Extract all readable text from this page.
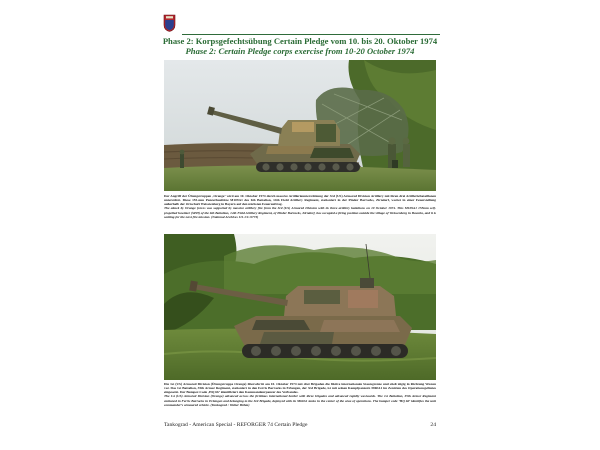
Phase 2: Korpsgefechtsübung Certain Pledge vom 10. bis 20. Oktober 1974
Phase 2: Certain Pledge corps exercise from 10-20 October 1974

Der Angriff der Übungstruppen ‚Orange‘ wird am 10. Oktober 1974 durch massive Artillerieunterstützung der 3rd (US) Armored Division Artillery mit ihren drei Artilleriebataillonen unterstützt. Diese 155-mm Panzerhaubitze M109A1 des 6th Battalion, 14th Field Artillery Regiment, stationiert in der Pinder Barracks, Zirndorf, wartet in einer Feuerstellung außerhalb der Ortschaft Weisstenberg in Bayern auf den nächsten Feuerauftrag.

The attack by Orange forces was supported by massive artillery fire from the 3rd (US) Armored Division with its three artillery battalions on 10 October 1974. This M109A1 155mm self-propelled howitzer (SPH) of the 6th Battalion, 14th Field Artillery Regiment, of Pinder Barracks, Zirndorf, has occupied a firing position outside the village of Weissenberg in Bavaria, and it is waiting for the next fire mission. (National Archives 111-CC-9773)

Die 1st (US) Armored Division (Übungstruppe Orange) überschritt am 10. Oktober 1974 mit drei Brigaden die fiktive internationale Staatsgrenze und stieß zügig in Richtung Westen vor. Das 1st Battalion, 35th Armor Regiment, stationiert in den Ferris Barracks in Erlangen, der 3rd Brigade, ist mit seinen Kampfpanzern M60A1 im Zentrum des Operationsgebietes eingesetzt. Der Bumper-Code ‚HQ 66‘ identifiziert den Kommandeurpanzer des Verbandes.

The 1st (US) Armored Division (Orange) advanced across the fictitious international border with three brigades and advanced rapidly westwards. The 1st Battalion, 35th Armor Regiment stationed in Ferris Barracks in Erlangen and belonging to the 3rd Brigade, deployed with its M60A1 tanks in the center of the area of operations. The bumper code ‘HQ 66’ identifies the unit commander’s armoured vehicle. (Tankograd / Walter Böhm)

Tankograd - American Special - REFORGER 74 Certain Pledge	24
